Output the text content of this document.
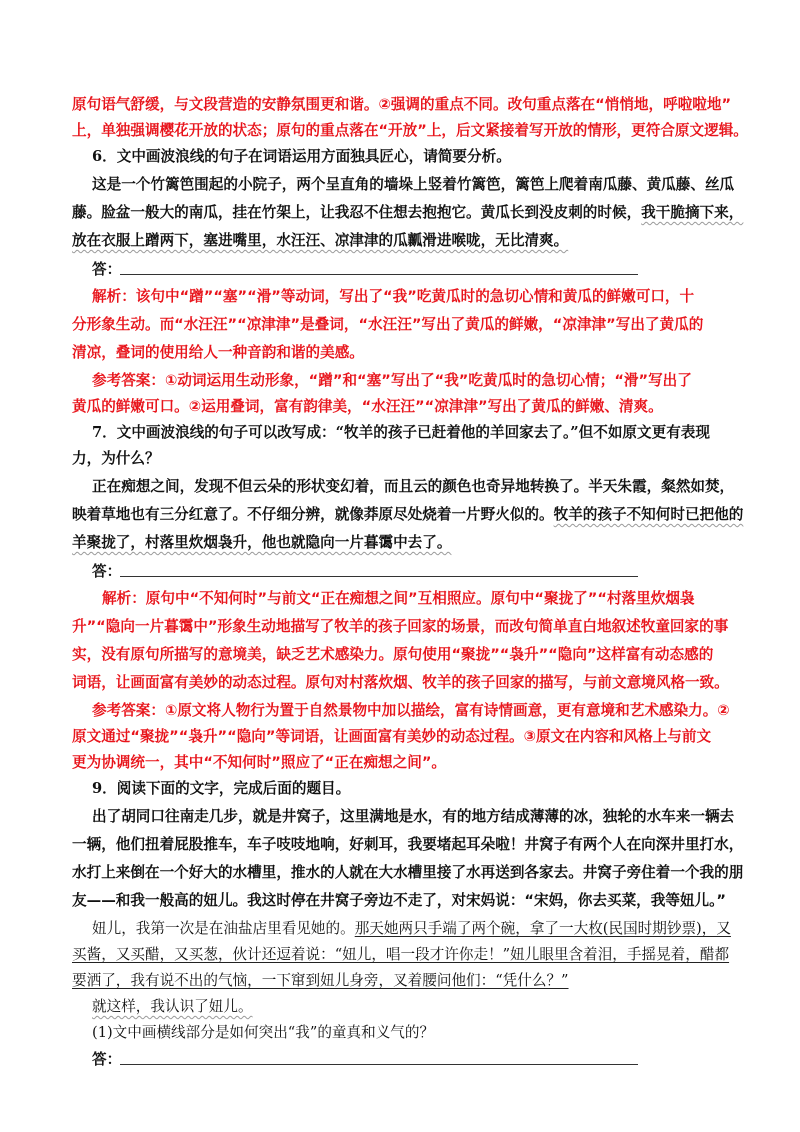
原句语气舒缓，与文段营造的安静氛围更和谐。②强调的重点不同。改句重点落在“悄悄地，呼啦啦地”
上，单独强调樱花开放的状态；原句的重点落在“开放”上，后文紧接着写开放的情形，更符合原文逻辑。
6．文中画波浪线的句子在词语运用方面独具匠心，请简要分析。
这是一个竹篱笆围起的小院子，两个呈直角的墙垛上竖着竹篱笆，篱笆上爬着南瓜藤、黄瓜藤、丝瓜
藤。脸盆一般大的南瓜，挂在竹架上，让我忍不住想去抱抱它。黄瓜长到没皮刺的时候，我干脆摘下来，
放在衣服上蹭两下，塞进嘴里，水汪汪、凉津津的瓜瓤滑进喉咙，无比清爽。
答：
解析：该句中“蹭”“塞”“滑”等动词，写出了“我”吃黄瓜时的急切心情和黄瓜的鲜嫩可口，十
分形象生动。而“水汪汪”“凉津津”是叠词，“水汪汪”写出了黄瓜的鲜嫩，“凉津津”写出了黄瓜的
清凉，叠词的使用给人一种音韵和谐的美感。
参考答案：①动词运用生动形象，“蹭”和“塞”写出了“我”吃黄瓜时的急切心情；“滑”写出了
黄瓜的鲜嫩可口。②运用叠词，富有韵律美，“水汪汪”“凉津津”写出了黄瓜的鲜嫩、清爽。
7．文中画波浪线的句子可以改写成：“牧羊的孩子已赶着他的羊回家去了。”但不如原文更有表现
力，为什么？
正在痴想之间，发现不但云朵的形状变幻着，而且云的颜色也奇异地转换了。半天朱霞，粲然如焚，
映着草地也有三分红意了。不仔细分辨，就像莽原尽处烧着一片野火似的。牧羊的孩子不知何时已把他的
羊聚拢了，村落里炊烟袅升，他也就隐向一片暮霭中去了。
答：
解析：原句中“不知何时”与前文“正在痴想之间”互相照应。原句中“聚拢了”“村落里炊烟袅
升”“隐向一片暮霭中”形象生动地描写了牧羊的孩子回家的场景，而改句简单直白地叙述牧童回家的事
实，没有原句所描写的意境美，缺乏艺术感染力。原句使用“聚拢”“袅升”“隐向”这样富有动态感的
词语，让画面富有美妙的动态过程。原句对村落炊烟、牧羊的孩子回家的描写，与前文意境风格一致。
参考答案：①原文将人物行为置于自然景物中加以描绘，富有诗情画意，更有意境和艺术感染力。②
原文通过“聚拢”“袅升”“隐向”等词语，让画面富有美妙的动态过程。③原文在内容和风格上与前文
更为协调统一，其中“不知何时”照应了“正在痴想之间”。
9．阅读下面的文字，完成后面的题目。
出了胡同口往南走几步，就是井窝子，这里满地是水，有的地方结成薄薄的冰，独轮的水车来一辆去
一辆，他们扭着屁股推车，车子吱吱地响，好刺耳，我要堵起耳朵啦！井窝子有两个人在向深井里打水，
水打上来倒在一个好大的水槽里，推水的人就在大水槽里接了水再送到各家去。井窝子旁住着一个我的朋
友——和我一般高的妞儿。我这时停在井窝子旁边不走了，对宋妈说：“宋妈，你去买菜，我等妞儿。”
妞儿，我第一次是在油盐店里看见她的。那天她两只手端了两个碗，拿了一大枚(民国时期钞票)，又
买酱，又买醋，又买葱，伙计还逗着说：“妞儿，唱一段才许你走！”妞儿眼里含着泪，手摇晃着，醋都
要洒了，我有说不出的气恼，一下窜到妞儿身旁，叉着腰问他们：“凭什么？”
就这样，我认识了妞儿。
(1)文中画横线部分是如何突出“我”的童真和义气的？
答：
